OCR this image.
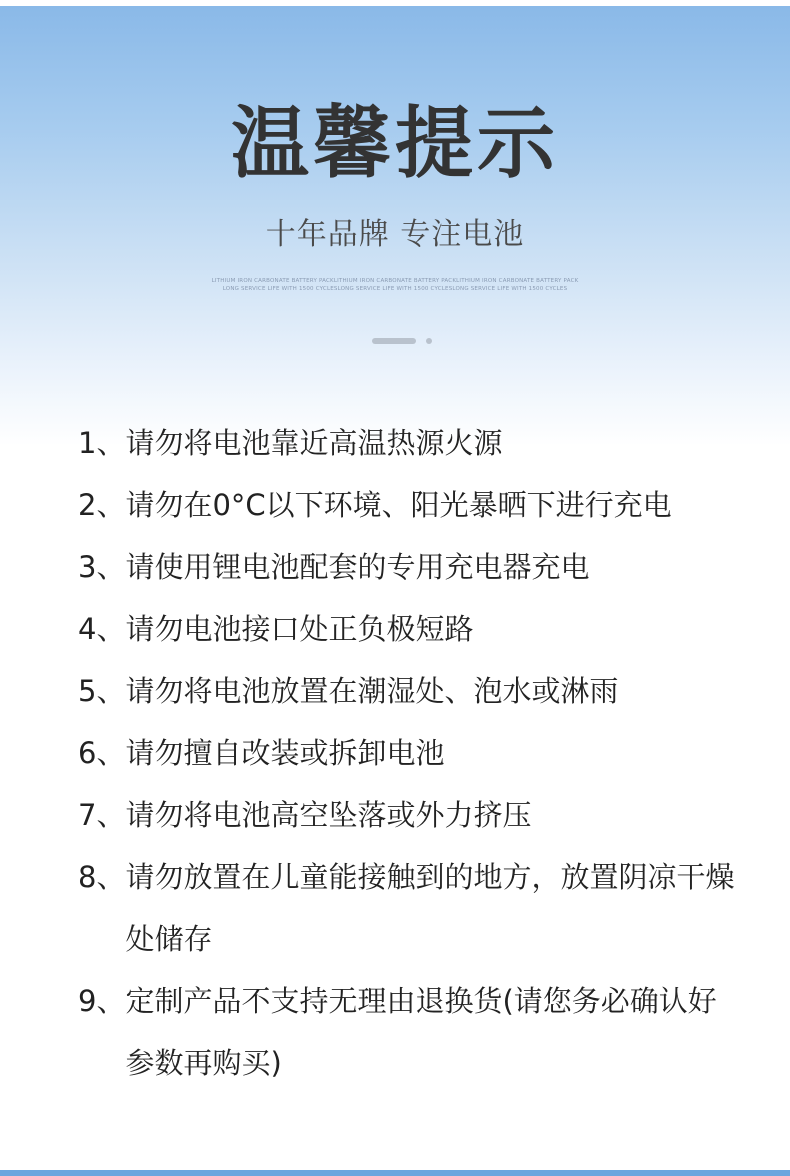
温馨提示
十年品牌 专注电池
LITHIUM IRON CARBONATE BATTERY PACKLITHIUM IRON CARBONATE BATTERY PACKLITHIUM IRON CARBONATE BATTERY PACK
LONG SERVICE LIFE WITH 1500 CYCLESLONG SERVICE LIFE WITH 1500 CYCLESLONG SERVICE LIFE WITH 1500 CYCLES
1、 请勿将电池靠近高温热源火源
2、 请勿在0°C以下环境、阳光暴晒下进行充电
3、 请使用锂电池配套的专用充电器充电
4、 请勿电池接口处正负极短路
5、 请勿将电池放置在潮湿处、泡水或淋雨
6、 请勿擅自改装或拆卸电池
7、 请勿将电池高空坠落或外力挤压
8、 请勿放置在儿童能接触到的地方，放置阴凉干燥处储存
9、 定制产品不支持无理由退换货(请您务必确认好参数再购买)
